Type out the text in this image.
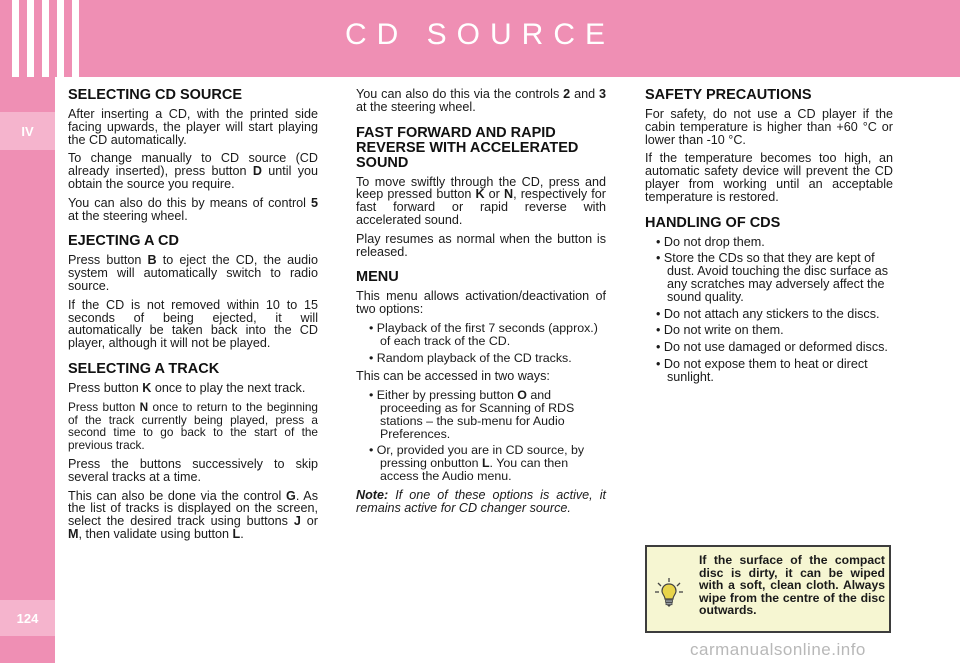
CD SOURCE
IV
124
SELECTING CD SOURCE

After inserting a CD, with the printed side facing upwards, the player will start playing the CD automatically.

To change manually to CD source (CD already inserted), press button D until you obtain the source you require.

You can also do this by means of control 5 at the steering wheel.

EJECTING A CD

Press button B to eject the CD, the audio system will automatically switch to radio source.

If the CD is not removed within 10 to 15 seconds of being ejected, it will automatically be taken back into the CD player, although it will not be played.

SELECTING A TRACK

Press button K once to play the next track.

Press button N once to return to the beginning of the track currently being played, press a second time to go back to the start of the previous track.

Press the buttons successively to skip several tracks at a time.

This can also be done via the control G. As the list of tracks is displayed on the screen, select the desired track using buttons J or M, then validate using button L.

You can also do this via the controls 2 and 3 at the steering wheel.

FAST FORWARD AND RAPID REVERSE WITH ACCELERATED SOUND

To move swiftly through the CD, press and keep pressed button K or N, respectively for fast forward or rapid reverse with accelerated sound.

Play resumes as normal when the button is released.

MENU

This menu allows activation/deactivation of two options:

• Playback of the first 7 seconds (approx.) of each track of the CD.
• Random playback of the CD tracks.

This can be accessed in two ways:

• Either by pressing button O and proceeding as for Scanning of RDS stations – the sub-menu for Audio Preferences.
• Or, provided you are in CD source, by pressing onbutton L. You can then access the Audio menu.

Note: If one of these options is active, it remains active for CD changer source.

SAFETY PRECAUTIONS

For safety, do not use a CD player if the cabin temperature is higher than +60 °C or lower than -10 °C.

If the temperature becomes too high, an automatic safety device will prevent the CD player from working until an acceptable temperature is restored.

HANDLING OF CDS
• Do not drop them.
• Store the CDs so that they are kept of dust. Avoid touching the disc surface as any scratches may adversely affect the sound quality.
• Do not attach any stickers to the discs.
• Do not write on them.
• Do not use damaged or deformed discs.
• Do not expose them to heat or direct sunlight.

If the surface of the compact disc is dirty, it can be wiped with a soft, clean cloth. Always wipe from the centre of the disc outwards.

carmanualsonline.info
